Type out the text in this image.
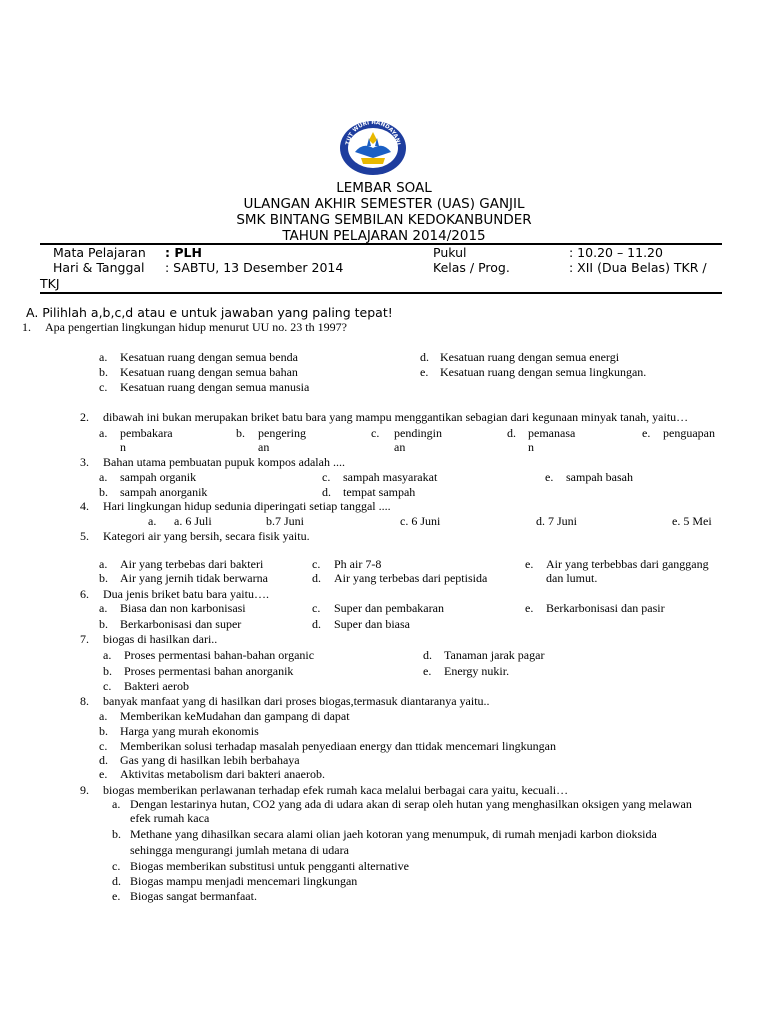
TUT WURI HANDAYANI
LEMBAR SOAL
ULANGAN AKHIR SEMESTER (UAS) GANJIL
SMK BINTANG SEMBILAN KEDOKANBUNDER
TAHUN PELAJARAN 2014/2015
Mata Pelajaran : PLH	Pukul	: 10.20 – 11.20
Hari & Tanggal : SABTU, 13 Desember 2014	Kelas / Prog.	: XII (Dua Belas) TKR /
TKJ
A. Pilihlah a,b,c,d atau e untuk jawaban yang paling tepat!
1. Apa pengertian lingkungan hidup menurut UU no. 23 th 1997?
a. Kesatuan ruang dengan semua benda
b. Kesatuan ruang dengan semua bahan
c. Kesatuan ruang dengan semua manusia
d. Kesatuan ruang dengan semua energi
e. Kesatuan ruang dengan semua lingkungan.
2. dibawah ini bukan merupakan briket batu bara yang mampu menggantikan sebagian dari kegunaan minyak tanah, yaitu…
a. pembakara
n
b. pengering
an
c. pendingin
an
d. pemanasa
n
e. penguapan
3. Bahan utama pembuatan pupuk kompos adalah ....
a. sampah organik
b. sampah anorganik
c. sampah masyarakat
d. tempat sampah
e. sampah basah
4. Hari lingkungan hidup sedunia diperingati setiap tanggal ....
a. a. 6 Juli	b.7 Juni	c. 6 Juni	d. 7 Juni	e. 5 Mei
5. Kategori air yang bersih, secara fisik yaitu.
a. Air yang terbebas dari bakteri
b. Air yang jernih tidak berwarna
c. Ph air 7-8
d. Air yang terbebas dari peptisida
e. Air yang terbebbas dari ganggang
dan lumut.
6. Dua jenis briket batu bara yaitu….
a. Biasa dan non karbonisasi
b. Berkarbonisasi dan super
c. Super dan pembakaran
d. Super dan biasa
e. Berkarbonisasi dan pasir
7. biogas di hasilkan dari..
a. Proses permentasi bahan-bahan organic
b. Proses permentasi bahan anorganik
c. Bakteri aerob
d. Tanaman jarak pagar
e. Energy nukir.
8. banyak manfaat yang di hasilkan dari proses biogas,termasuk diantaranya yaitu..
a. Memberikan keMudahan dan gampang di dapat
b. Harga yang murah ekonomis
c. Memberikan solusi terhadap masalah penyediaan energy dan ttidak mencemari lingkungan
d. Gas yang di hasilkan lebih berbahaya
e. Aktivitas metabolism dari bakteri anaerob.
9. biogas memberikan perlawanan terhadap efek rumah kaca melalui berbagai cara yaitu, kecuali…
a. Dengan lestarinya hutan, CO2 yang ada di udara akan di serap oleh hutan yang menghasilkan oksigen yang melawan
efek rumah kaca
b. Methane yang dihasilkan secara alami olian jaeh kotoran yang menumpuk, di rumah menjadi karbon dioksida
sehingga mengurangi jumlah metana di udara
c. Biogas memberikan substitusi untuk pengganti alternative
d. Biogas mampu menjadi mencemari lingkungan
e. Biogas sangat bermanfaat.
